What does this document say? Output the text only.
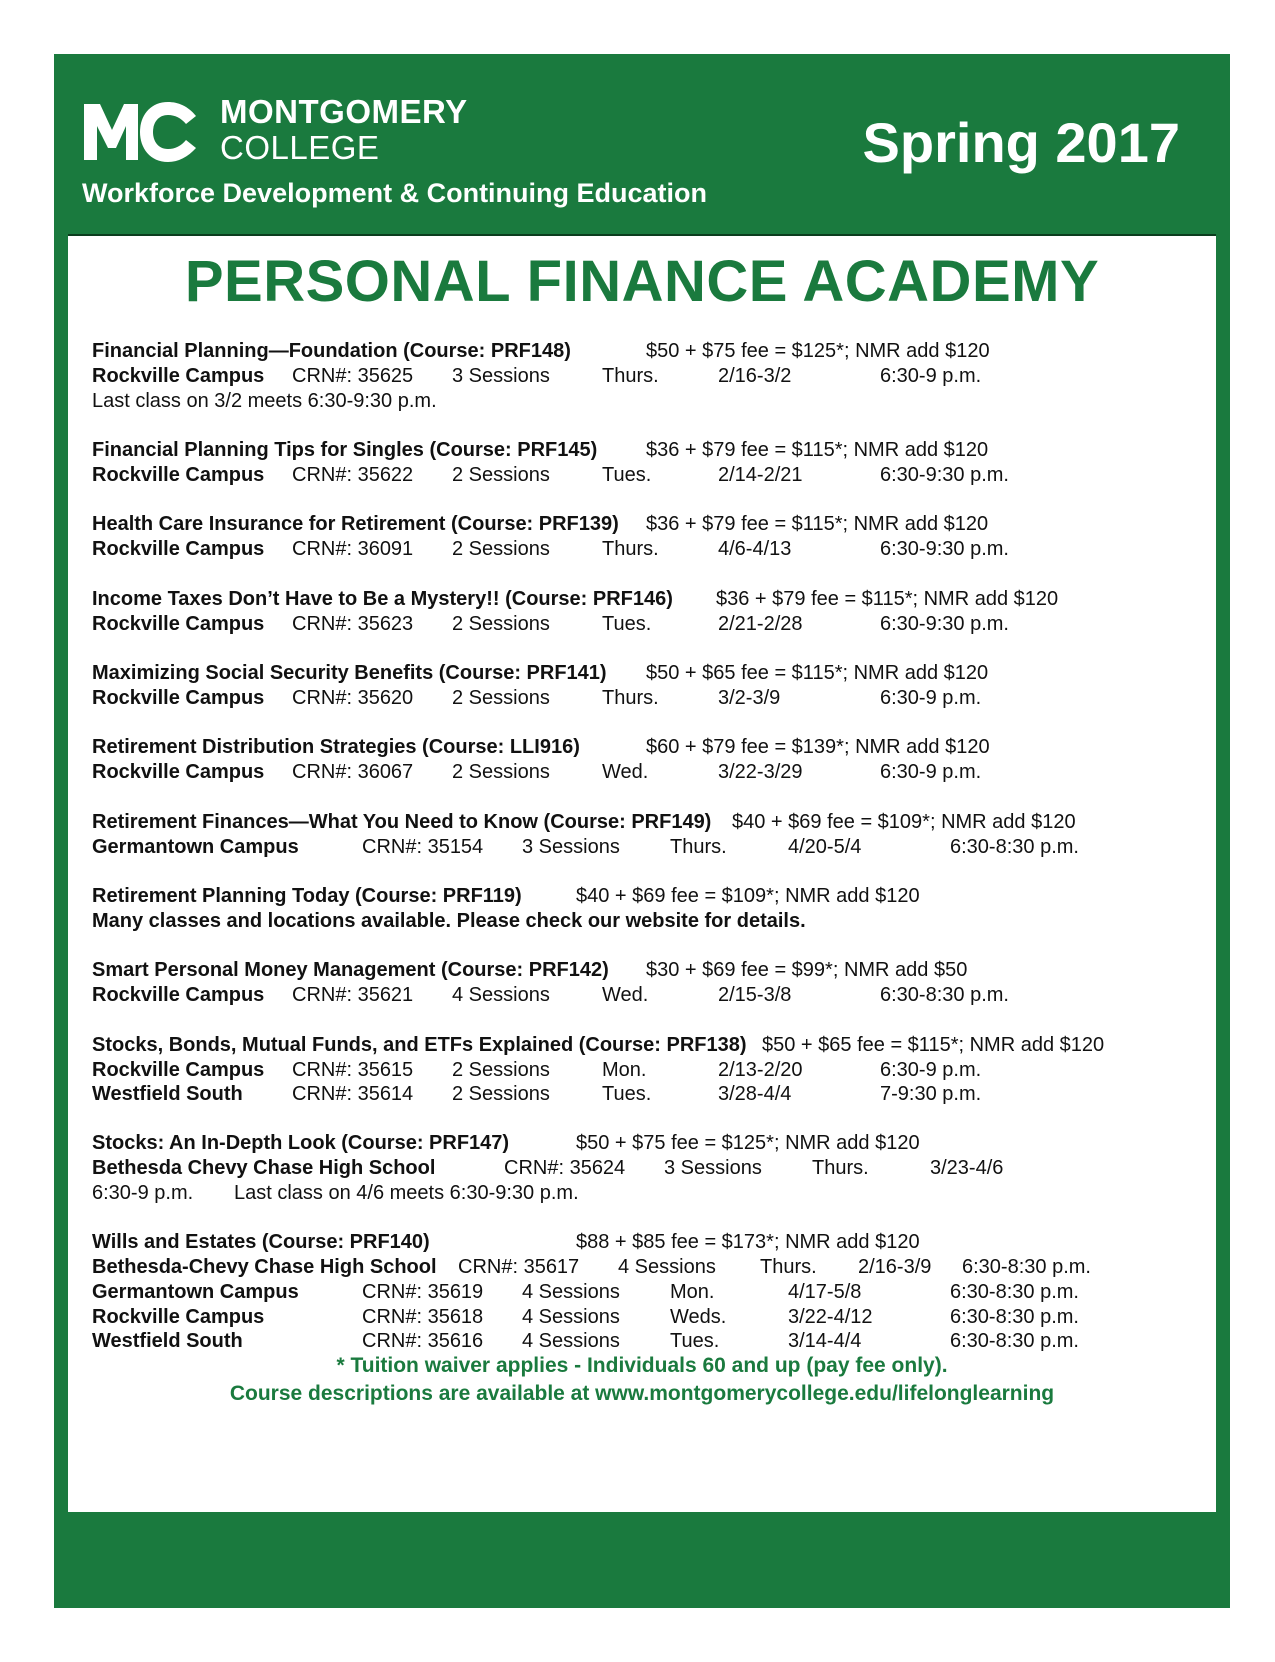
MONTGOMERY
COLLEGE
Workforce Development & Continuing Education
Spring 2017
PERSONAL FINANCE ACADEMY
Financial Planning—Foundation (Course: PRF148)	$50 + $75 fee = $125*; NMR add $120
Rockville Campus CRN#: 35625 3 Sessions	Thurs.	2/16-3/2	6:30-9 p.m.
Last class on 3/2 meets 6:30-9:30 p.m.
Financial Planning Tips for Singles (Course: PRF145) $36 + $79 fee = $115*; NMR add $120
Rockville Campus CRN#: 35622 2 Sessions	Tues.	2/14-2/21	6:30-9:30 p.m.
Health Care Insurance for Retirement (Course: PRF139) $36 + $79 fee = $115*; NMR add $120
Rockville Campus CRN#: 36091 2 Sessions	Thurs.	4/6-4/13	6:30-9:30 p.m.
Income Taxes Don’t Have to Be a Mystery!! (Course: PRF146) $36 + $79 fee = $115*; NMR add $120
Rockville Campus CRN#: 35623 2 Sessions	Tues.	2/21-2/28	6:30-9:30 p.m.
Maximizing Social Security Benefits (Course: PRF141) $50 + $65 fee = $115*; NMR add $120
Rockville Campus CRN#: 35620 2 Sessions	Thurs.	3/2-3/9	6:30-9 p.m.
Retirement Distribution Strategies (Course: LLI916)	$60 + $79 fee = $139*; NMR add $120
Rockville Campus CRN#: 36067 2 Sessions	Wed.	3/22-3/29	6:30-9 p.m.
Retirement Finances—What You Need to Know (Course: PRF149) $40 + $69 fee = $109*; NMR add $120
Germantown Campus	CRN#: 35154 3 Sessions	Thurs.	4/20-5/4	6:30-8:30 p.m.
Retirement Planning Today (Course: PRF119)	$40 + $69 fee = $109*; NMR add $120
Many classes and locations available. Please check our website for details.
Smart Personal Money Management (Course: PRF142) $30 + $69 fee = $99*; NMR add $50
Rockville Campus CRN#: 35621 4 Sessions	Wed.	2/15-3/8	6:30-8:30 p.m.
Stocks, Bonds, Mutual Funds, and ETFs Explained (Course: PRF138) $50 + $65 fee = $115*; NMR add $120
Rockville Campus CRN#: 35615 2 Sessions	Mon.	2/13-2/20	6:30-9 p.m.
Westfield South CRN#: 35614 2 Sessions	Tues.	3/28-4/4	7-9:30 p.m.
Stocks: An In-Depth Look (Course: PRF147)	$50 + $75 fee = $125*; NMR add $120
Bethesda Chevy Chase High School	CRN#: 35624 3 Sessions	Thurs.	3/23-4/6
6:30-9 p.m. Last class on 4/6 meets 6:30-9:30 p.m.
Wills and Estates (Course: PRF140)	$88 + $85 fee = $173*; NMR add $120
Bethesda-Chevy Chase High School CRN#: 35617 4 Sessions Thurs. 2/16-3/9 6:30-8:30 p.m.
Germantown Campus	CRN#: 35619 4 Sessions	Mon.	4/17-5/8	6:30-8:30 p.m.
Rockville Campus	CRN#: 35618 4 Sessions	Weds.	3/22-4/12	6:30-8:30 p.m.
Westfield South	CRN#: 35616 4 Sessions	Tues.	3/14-4/4	6:30-8:30 p.m.
* Tuition waiver applies - Individuals 60 and up (pay fee only).
Course descriptions are available at www.montgomerycollege.edu/lifelonglearning
For more information contact Natasha Sacks at 240-567-1828.
To register, visit www.montgomerycollege.edu/lifelonglearning or call 240-567-5188.
